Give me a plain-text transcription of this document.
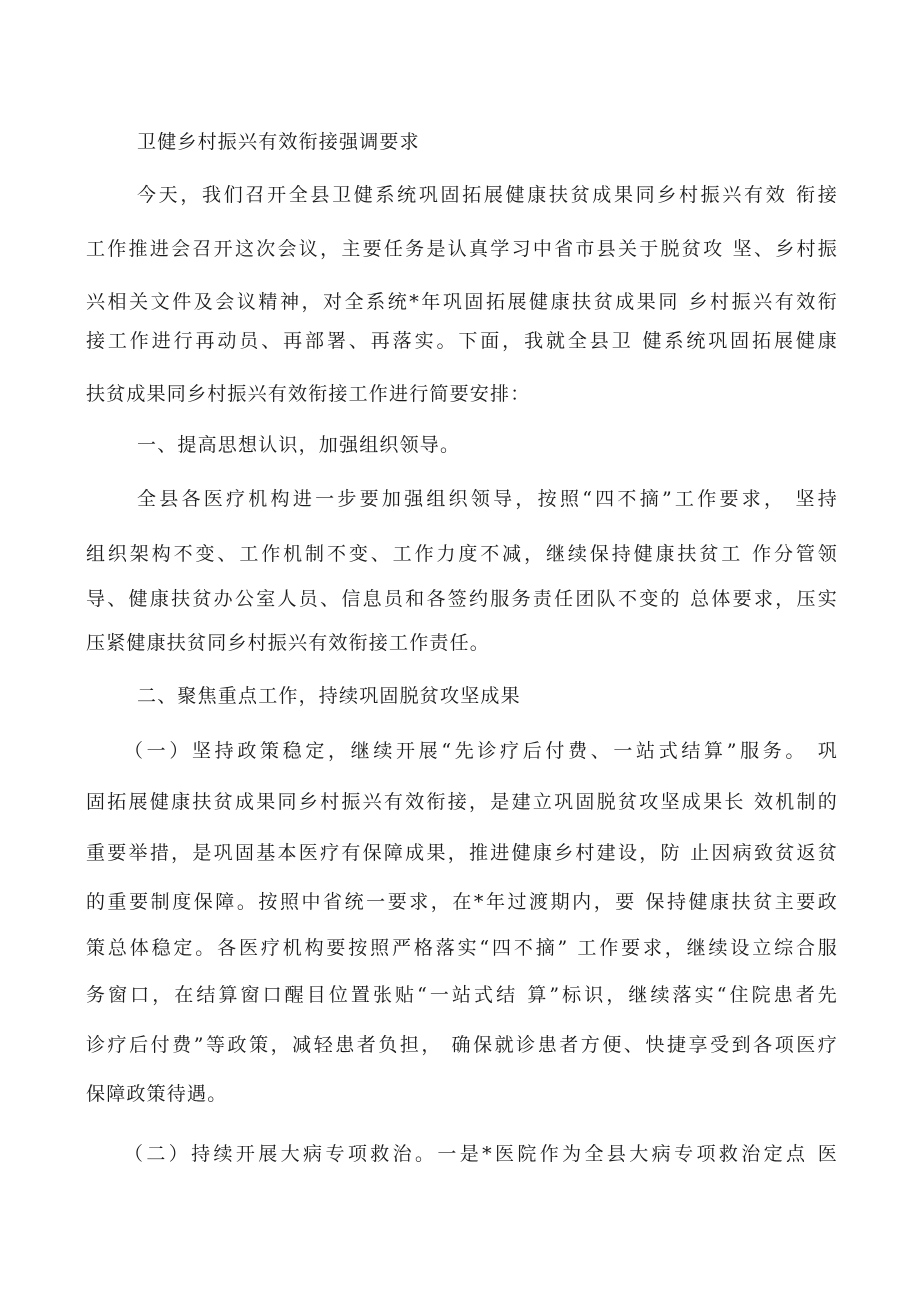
卫健乡村振兴有效衔接强调要求
今天，我们召开全县卫健系统巩固拓展健康扶贫成果同乡村振兴有效 衔接
工作推进会召开这次会议，主要任务是认真学习中省市县关于脱贫攻 坚、乡村振
兴相关文件及会议精神，对全系统*年巩固拓展健康扶贫成果同 乡村振兴有效衔
接工作进行再动员、再部署、再落实。下面，我就全县卫 健系统巩固拓展健康
扶贫成果同乡村振兴有效衔接工作进行简要安排：
一、提高思想认识，加强组织领导。
全县各医疗机构进一步要加强组织领导，按照“四不摘”工作要求， 坚持
组织架构不变、工作机制不变、工作力度不减，继续保持健康扶贫工 作分管领
导、健康扶贫办公室人员、信息员和各签约服务责任团队不变的 总体要求，压实
压紧健康扶贫同乡村振兴有效衔接工作责任。
二、聚焦重点工作，持续巩固脱贫攻坚成果
（一）坚持政策稳定，继续开展“先诊疗后付费、一站式结算”服务。 巩
固拓展健康扶贫成果同乡村振兴有效衔接，是建立巩固脱贫攻坚成果长 效机制的
重要举措，是巩固基本医疗有保障成果，推进健康乡村建设，防 止因病致贫返贫
的重要制度保障。按照中省统一要求，在*年过渡期内，要 保持健康扶贫主要政
策总体稳定。各医疗机构要按照严格落实“四不摘” 工作要求，继续设立综合服
务窗口，在结算窗口醒目位置张贴“一站式结 算”标识，继续落实“住院患者先
诊疗后付费”等政策，减轻患者负担， 确保就诊患者方便、快捷享受到各项医疗
保障政策待遇。
（二）持续开展大病专项救治。一是*医院作为全县大病专项救治定点 医
